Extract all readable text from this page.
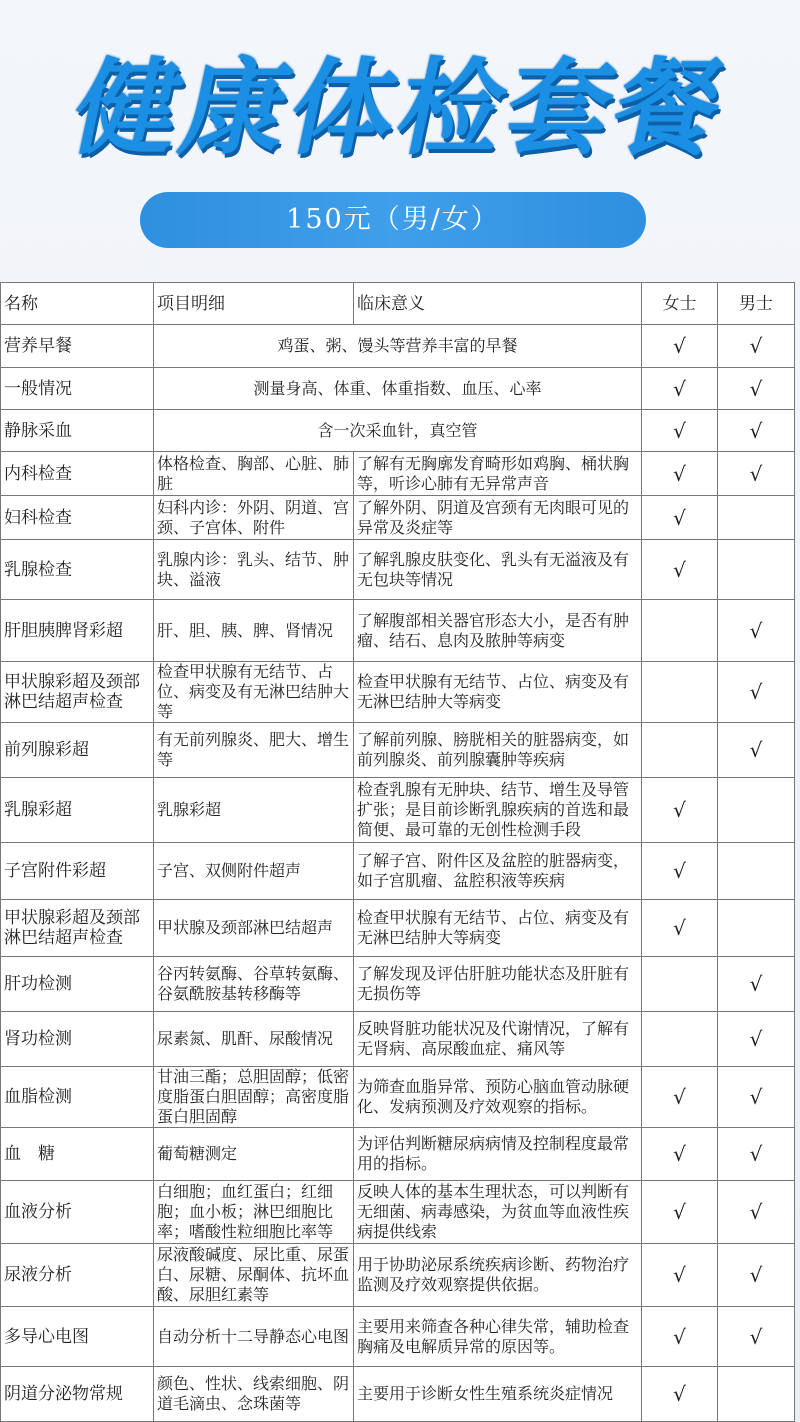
健康体检套餐
150元（男/女）
名称	项目明细	临床意义	女士	男士
营养早餐	鸡蛋、粥、馒头等营养丰富的早餐		√	√
一般情况	测量身高、体重、体重指数、血压、心率		√	√
静脉采血	含一次采血针，真空管		√	√
内科检查	体格检查、胸部、心脏、肺脏	了解有无胸廓发育畸形如鸡胸、桶状胸等，听诊心肺有无异常声音	√	√
妇科检查	妇科内诊：外阴、阴道、宫颈、子宫体、附件	了解外阴、阴道及宫颈有无肉眼可见的异常及炎症等	√	
乳腺检查	乳腺内诊：乳头、结节、肿块、溢液	了解乳腺皮肤变化、乳头有无溢液及有无包块等情况	√	
肝胆胰脾肾彩超	肝、胆、胰、脾、肾情况	了解腹部相关器官形态大小，是否有肿瘤、结石、息肉及脓肿等病变		√
甲状腺彩超及颈部淋巴结超声检查	检查甲状腺有无结节、占位、病变及有无淋巴结肿大等	检查甲状腺有无结节、占位、病变及有无淋巴结肿大等病变		√
前列腺彩超	有无前列腺炎、肥大、增生等	了解前列腺、膀胱相关的脏器病变，如前列腺炎、前列腺囊肿等疾病		√
乳腺彩超	乳腺彩超	检查乳腺有无肿块、结节、增生及导管扩张；是目前诊断乳腺疾病的首选和最简便、最可靠的无创性检测手段	√	
子宫附件彩超	子宫、双侧附件超声	了解子宫、附件区及盆腔的脏器病变，如子宫肌瘤、盆腔积液等疾病	√	
甲状腺彩超及颈部淋巴结超声检查	甲状腺及颈部淋巴结超声	检查甲状腺有无结节、占位、病变及有无淋巴结肿大等病变	√	
肝功检测	谷丙转氨酶、谷草转氨酶、谷氨酰胺基转移酶等	了解发现及评估肝脏功能状态及肝脏有无损伤等		√
肾功检测	尿素氮、肌酐、尿酸情况	反映肾脏功能状况及代谢情况，了解有无肾病、高尿酸血症、痛风等		√
血脂检测	甘油三酯；总胆固醇；低密度脂蛋白胆固醇；高密度脂蛋白胆固醇	为筛查血脂异常、预防心脑血管动脉硬化、发病预测及疗效观察的指标。	√	√
血　糖	葡萄糖测定	为评估判断糖尿病病情及控制程度最常用的指标。	√	√
血液分析	白细胞；血红蛋白；红细胞；血小板；淋巴细胞比率；嗜酸性粒细胞比率等	反映人体的基本生理状态，可以判断有无细菌、病毒感染，为贫血等血液性疾病提供线索	√	√
尿液分析	尿液酸碱度、尿比重、尿蛋白、尿糖、尿酮体、抗坏血酸、尿胆红素等	用于协助泌尿系统疾病诊断、药物治疗监测及疗效观察提供依据。	√	√
多导心电图	自动分析十二导静态心电图	主要用来筛查各种心律失常，辅助检查胸痛及电解质异常的原因等。	√	√
阴道分泌物常规	颜色、性状、线索细胞、阴道毛滴虫、念珠菌等	主要用于诊断女性生殖系统炎症情况	√	
